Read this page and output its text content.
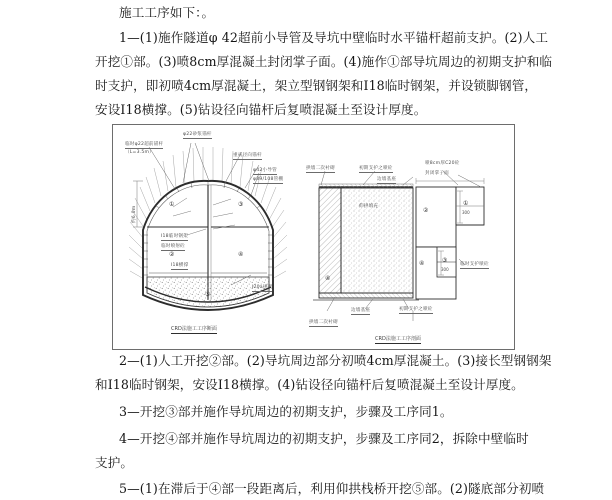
施工工序如下：。
1—(1)施作隧道φ 42超前小导管及导坑中壁临时水平锚杆超前支护。(2)人工
开挖①部。(3)喷8cm厚混凝土封闭掌子面。(4)施作①部导坑周边的初期支护和临
时支护，即初喷4cm厚混凝土，架立型钢钢架和Ⅰ18临时钢架，并设锁脚钢管，
安设Ⅰ18横撑。(5)钻设径向锚杆后复喷混凝土至设计厚度。
临时φ22超前锚杆
（L=3.5m）
φ22砂浆锚杆
重戒径向锚杆
φ42小导管
φ89/108管棚
I18临时钢架
临时喷射砼
I18横撑
I20a拱架
约6.0m
①
②
③
④
⑤
CRD法施工工序断面
拱墙二次衬砌	初期支护之喷砼
边墙基座
喷8cm厚C20砼
封闭掌子面
仰拱填充
④
②
①
④	③
300
300
临时支护喷砼
边墙基座	初期支护之喷砼
拱墙二次衬砌
CRD法施工工序剖面
2—(1)人工开挖②部。(2)导坑周边部分初喷4cm厚混凝土。(3)接长型钢钢架
和Ⅰ18临时钢架，安设Ⅰ18横撑。(4)钻设径向锚杆后复喷混凝土至设计厚度。
3—开挖③部并施作导坑周边的初期支护，步骤及工序同1。
4—开挖④部并施作导坑周边的初期支护，步骤及工序同2，拆除中壁临时
支护。
5—(1)在滞后于④部一段距离后，利用仰拱栈桥开挖⑤部。(2)隧底部分初喷
